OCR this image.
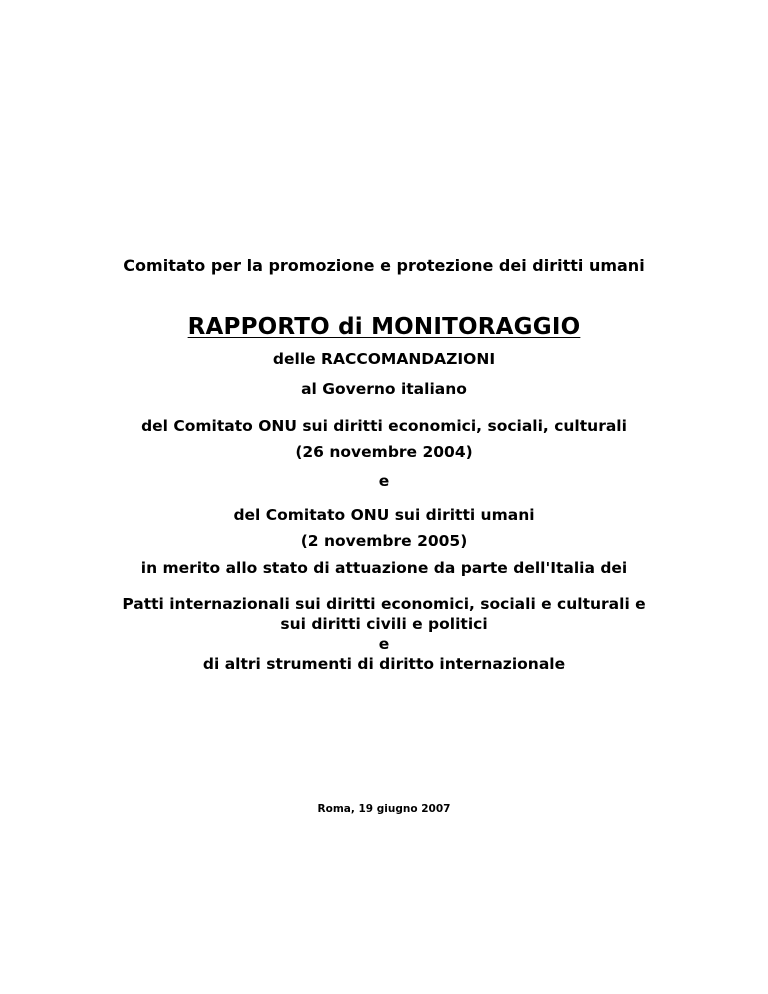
Comitato per la promozione e protezione dei diritti umani
RAPPORTO di MONITORAGGIO
delle RACCOMANDAZIONI
al Governo italiano
del Comitato ONU sui diritti economici, sociali, culturali
(26 novembre 2004)
e
del Comitato ONU sui diritti umani
(2 novembre 2005)
in merito allo stato di attuazione da parte dell'Italia dei
Patti internazionali sui diritti economici, sociali e culturali e
sui diritti civili e politici
e
di altri strumenti di diritto internazionale
Roma, 19 giugno 2007
